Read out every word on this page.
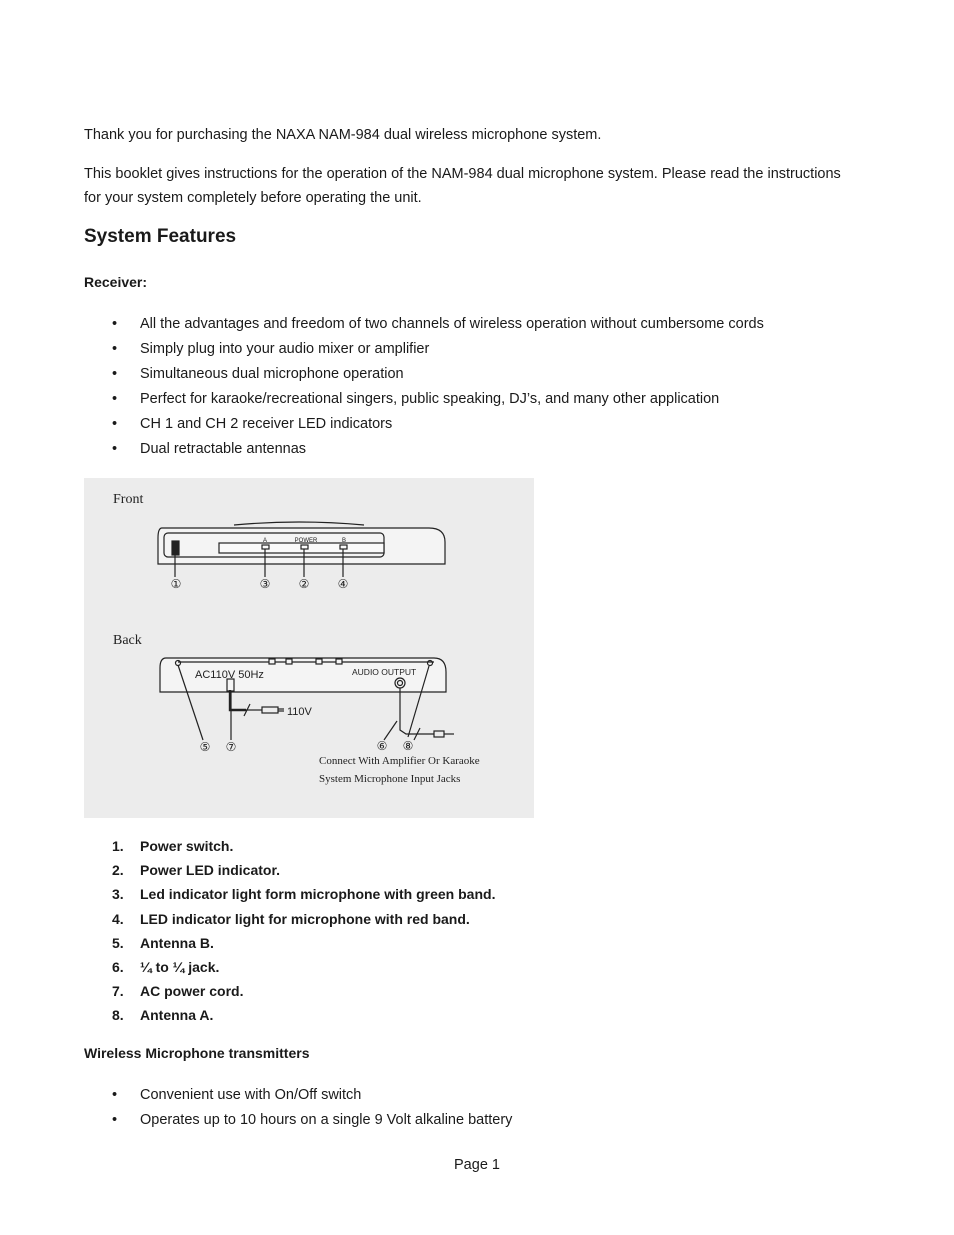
Thank you for purchasing the NAXA NAM-984 dual wireless microphone system.

This booklet gives instructions for the operation of the NAM-984 dual microphone system. Please read the instructions for your system completely before operating the unit.

System Features

Receiver:

• All the advantages and freedom of two channels of wireless operation without cumbersome cords
• Simply plug into your audio mixer or amplifier
• Simultaneous dual microphone operation
• Perfect for karaoke/recreational singers, public speaking, DJ’s, and many other application
• CH 1 and CH 2 receiver LED indicators
• Dual retractable antennas
Front
Back
A	POWER	B
①	③ ② ④
AC110V 50Hz	AUDIO OUTPUT
110V
⑤ ⑦	⑥ ⑧
Connect With Amplifier Or Karaoke
System Microphone Input Jacks
1.	Power switch.
2.	Power LED indicator.
3.	Led indicator light form microphone with green band.
4.	LED indicator light for microphone with red band.
5.	Antenna B.
6.	¼ to ¼ jack.
7.	AC power cord.
8.	Antenna A.

Wireless Microphone transmitters

• Convenient use with On/Off switch
• Operates up to 10 hours on a single 9 Volt alkaline battery
Page 1
